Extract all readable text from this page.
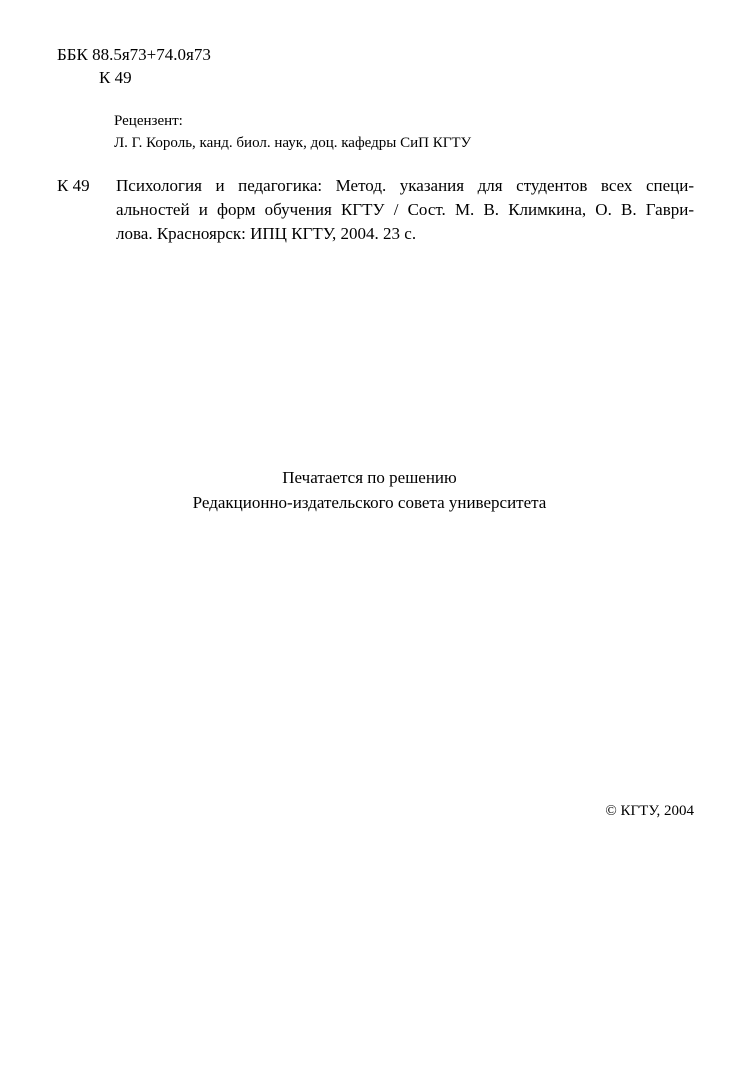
ББК 88.5я73+74.0я73
К 49
Рецензент:
Л. Г. Король, канд. биол. наук, доц. кафедры СиП КГТУ
К 49 Психология и педагогика: Метод. указания для студентов всех специ-
альностей и форм обучения КГТУ / Сост. М. В. Климкина, О. В. Гаври-
лова. Красноярск: ИПЦ КГТУ, 2004. 23 с.
Печатается по решению
Редакционно-издательского совета университета
© КГТУ, 2004
